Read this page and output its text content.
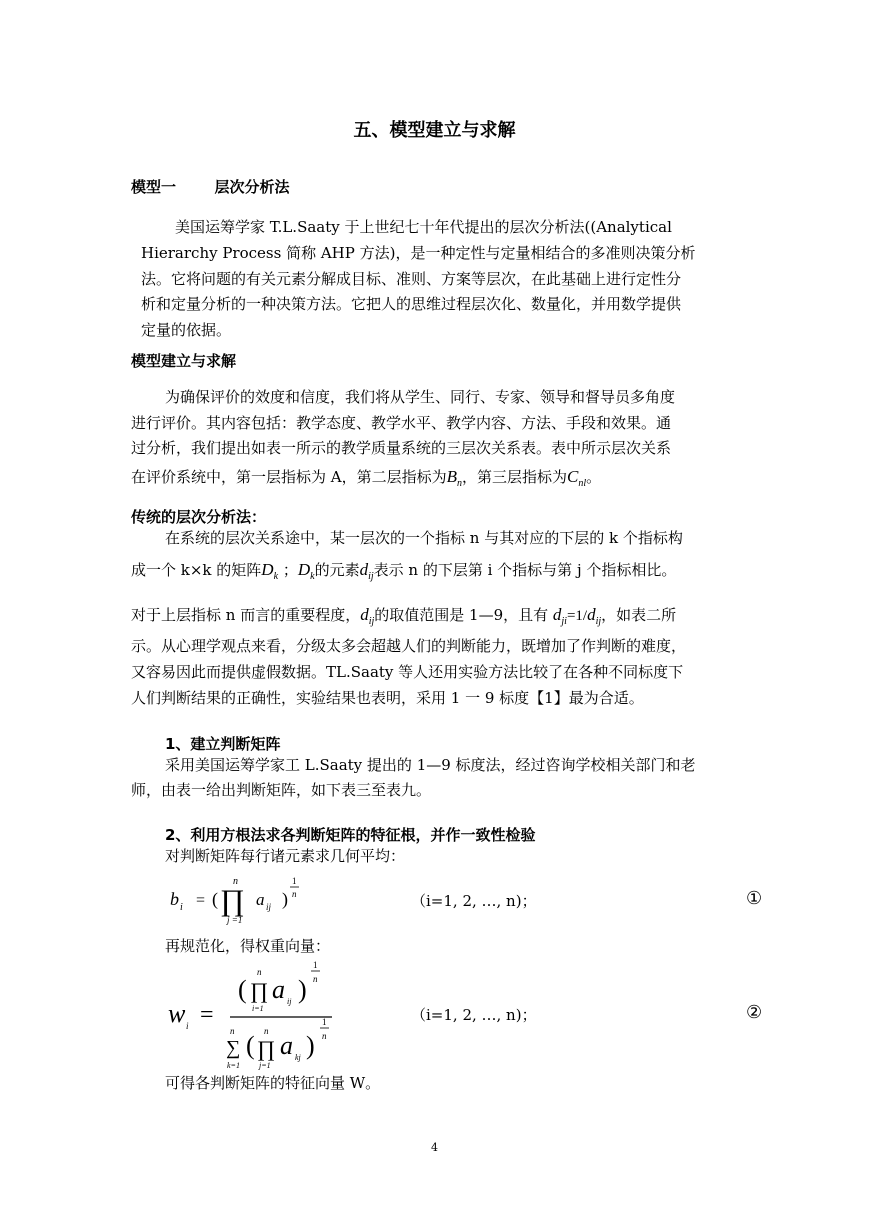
五、模型建立与求解
模型一	层次分析法
美国运筹学家 T.L.Saaty 于上世纪七十年代提出的层次分析法((Analytical
Hierarchy Process 简称 AHP 方法)，是一种定性与定量相结合的多准则决策分析
法。它将问题的有关元素分解成目标、准则、方案等层次，在此基础上进行定性分
析和定量分析的一种决策方法。它把人的思维过程层次化、数量化，并用数学提供
定量的依据。
模型建立与求解
为确保评价的效度和信度，我们将从学生、同行、专家、领导和督导员多角度
进行评价。其内容包括：教学态度、教学水平、教学内容、方法、手段和效果。通
过分析，我们提出如表一所示的教学质量系统的三层次关系表。表中所示层次关系
在评价系统中，第一层指标为 A，第二层指标为$B_n$，第三层指标为$C_{nl}$。
传统的层次分析法：
在系统的层次关系途中，某一层次的一个指标 n 与其对应的下层的 k 个指标构
成一个 k×k 的矩阵$D_k$ ；$D_k$的元素$d_{ij}$表示 n 的下层第 i 个指标与第 j 个指标相比。
对于上层指标 n 而言的重要程度，$d_{ij}$的取值范围是 1—9，且有 $d_{ji}=1/d_{ij}$，如表二所
示。从心理学观点来看，分级太多会超越人们的判断能力，既增加了作判断的难度，
又容易因此而提供虚假数据。TL.Saaty 等人还用实验方法比较了在各种不同标度下
人们判断结果的正确性，实验结果也表明，采用 1 一 9 标度【1】最为合适。
1、建立判断矩阵
采用美国运筹学家工 L.Saaty 提出的 1—9 标度法，经过咨询学校相关部门和老
师，由表一给出判断矩阵，如下表三至表九。
2、利用方根法求各判断矩阵的特征根，并作一致性检验
对判断矩阵每行诸元素求几何平均：
b i = (
n
∏
j =1
a ij )
1
n	（i=1, 2, …, n)；	①
再规范化，得权重向量：
w i =
(
n
∏
i=1
a ij )
1
n
n
∑
k=1
( n
∏
j=1
a kj )
1
n
（i=1, 2, …, n)；	②
可得各判断矩阵的特征向量 W。
4
